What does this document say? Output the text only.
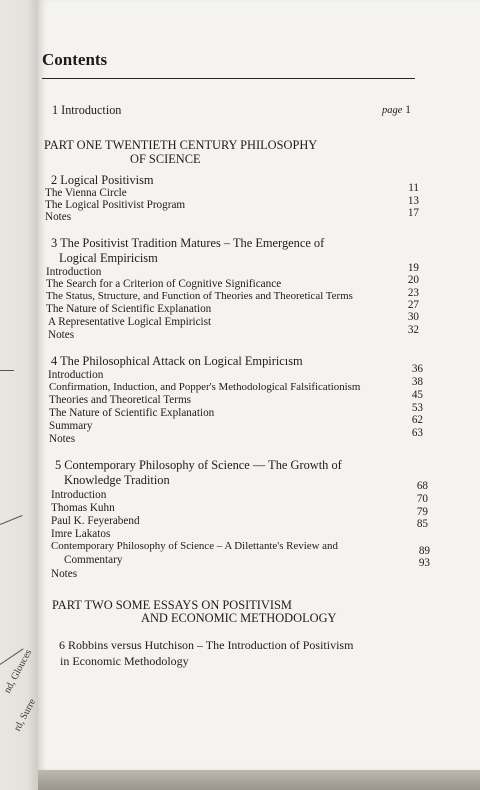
nd, Glouces
rd, Surre
Contents
1 Introduction	page 1
PART ONE TWENTIETH CENTURY PHILOSOPHY
OF SCIENCE
2 Logical Positivism
The Vienna Circle
The Logical Positivist Program
Notes
11
13
17
3 The Positivist Tradition Matures – The Emergence of
Logical Empiricism
Introduction
The Search for a Criterion of Cognitive Significance
The Status, Structure, and Function of Theories and Theoretical Terms
The Nature of Scientific Explanation
A Representative Logical Empiricist
Notes
19
20
23
27
30
32
4 The Philosophical Attack on Logical Empiricıѕm
Introduction
Confirmation, Induction, and Popper's Methodological Falsificationism
Theories and Theoretical Terms
The Nature of Scientific Explanation
Summary
Notes
36
38
45
53
62
63
5 Contemporary Philosophy of Science — The Growth of
Knowledge Tradition
Introduction
Thomas Kuhn
Paul K. Feyerabend
Imre Lakatos
Contemporary Philosophy of Science – A Dilettante's Review and
Commentary
Notes
68
70
79
85
89
93
PART TWO SOME ESSAYS ON POSITIVISM
AND ECONOMIC METHODOLOGY
6 Robbins versus Hutchison – The Introduction of Positivism
in Economic Methodology
